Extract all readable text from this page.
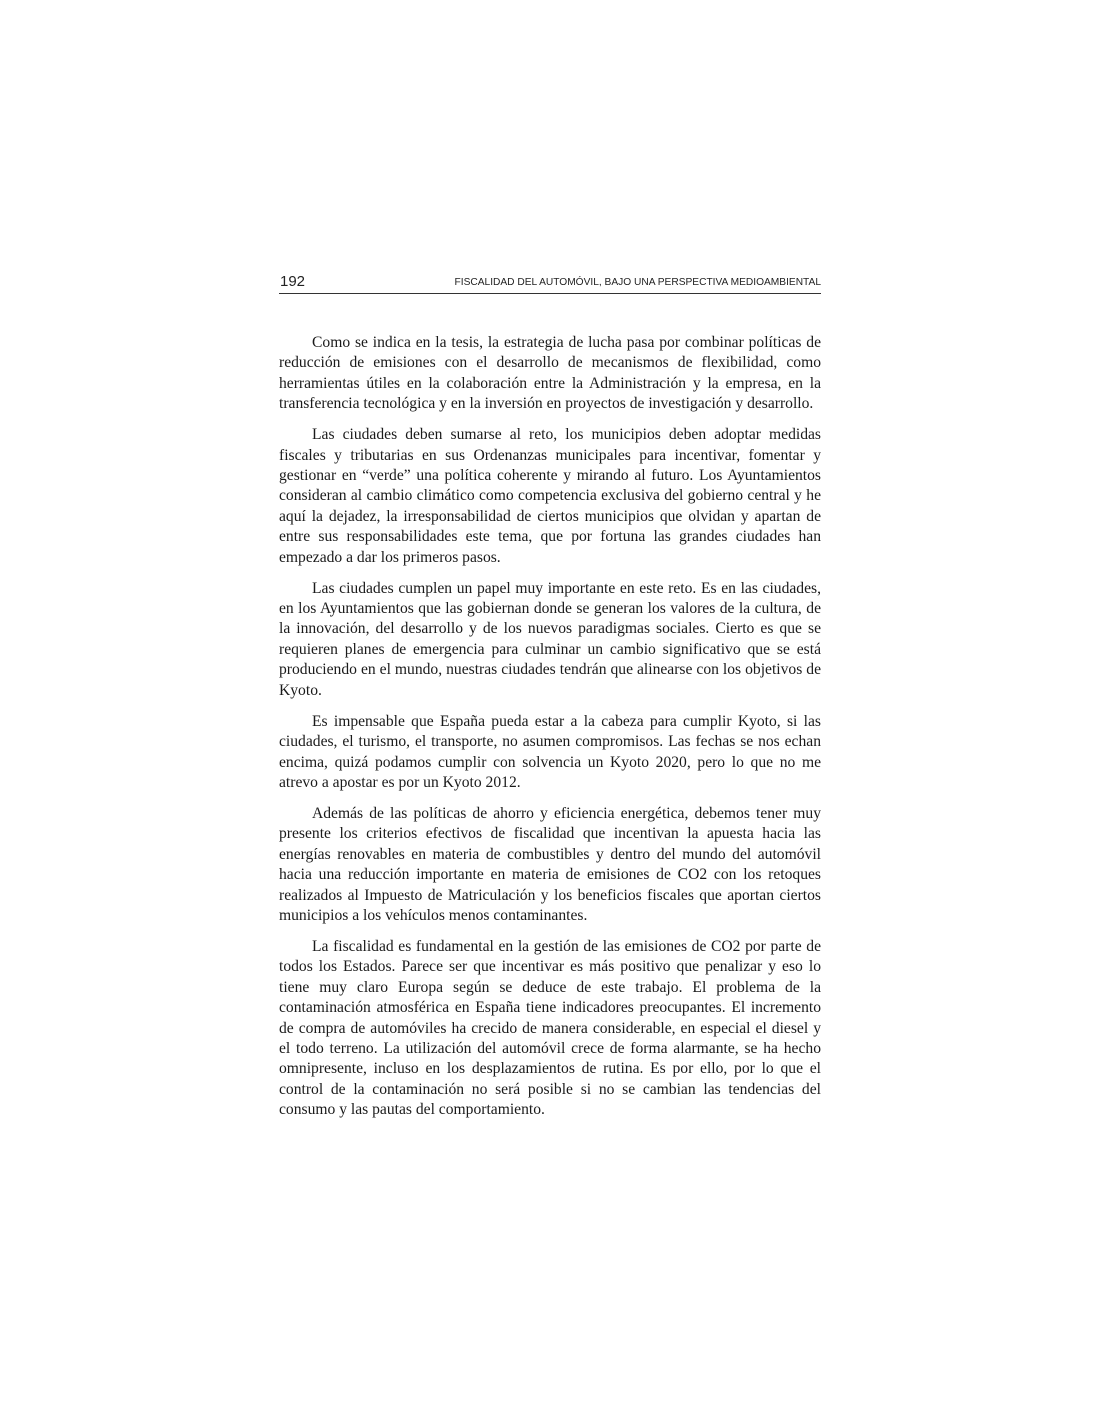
192	FISCALIDAD DEL AUTOMÓVIL, BAJO UNA PERSPECTIVA MEDIOAMBIENTAL

Como se indica en la tesis, la estrategia de lucha pasa por combinar políticas de reducción de emisiones con el desarrollo de mecanismos de flexibilidad, como herramientas útiles en la colaboración entre la Administración y la empresa, en la transferencia tecnológica y en la inversión en proyectos de investigación y desarrollo.

Las ciudades deben sumarse al reto, los municipios deben adoptar medidas fiscales y tributarias en sus Ordenanzas municipales para incentivar, fomentar y gestionar en “verde” una política coherente y mirando al futuro. Los Ayuntamientos consideran al cambio climático como competencia exclusiva del gobierno central y he aquí la dejadez, la irresponsabilidad de ciertos municipios que olvidan y apartan de entre sus responsabilidades este tema, que por fortuna las grandes ciudades han empezado a dar los primeros pasos.

Las ciudades cumplen un papel muy importante en este reto. Es en las ciudades, en los Ayuntamientos que las gobiernan donde se generan los valores de la cultura, de la innovación, del desarrollo y de los nuevos paradigmas sociales. Cierto es que se requieren planes de emergencia para culminar un cambio significativo que se está produciendo en el mundo, nuestras ciudades tendrán que alinearse con los objetivos de Kyoto.

Es impensable que España pueda estar a la cabeza para cumplir Kyoto, si las ciudades, el turismo, el transporte, no asumen compromisos. Las fechas se nos echan encima, quizá podamos cumplir con solvencia un Kyoto 2020, pero lo que no me atrevo a apostar es por un Kyoto 2012.

Además de las políticas de ahorro y eficiencia energética, debemos tener muy presente los criterios efectivos de fiscalidad que incentivan la apuesta hacia las energías renovables en materia de combustibles y dentro del mundo del automóvil hacia una reducción importante en materia de emisiones de CO2 con los retoques realizados al Impuesto de Matriculación y los beneficios fiscales que aportan ciertos municipios a los vehículos menos contaminantes.

La fiscalidad es fundamental en la gestión de las emisiones de CO2 por parte de todos los Estados. Parece ser que incentivar es más positivo que penalizar y eso lo tiene muy claro Europa según se deduce de este trabajo. El problema de la contaminación atmosférica en España tiene indicadores preocupantes. El incremento de compra de automóviles ha crecido de manera considerable, en especial el diesel y el todo terreno. La utilización del automóvil crece de forma alarmante, se ha hecho omnipresente, incluso en los desplazamientos de rutina. Es por ello, por lo que el control de la contaminación no será posible si no se cambian las tendencias del consumo y las pautas del comportamiento.
